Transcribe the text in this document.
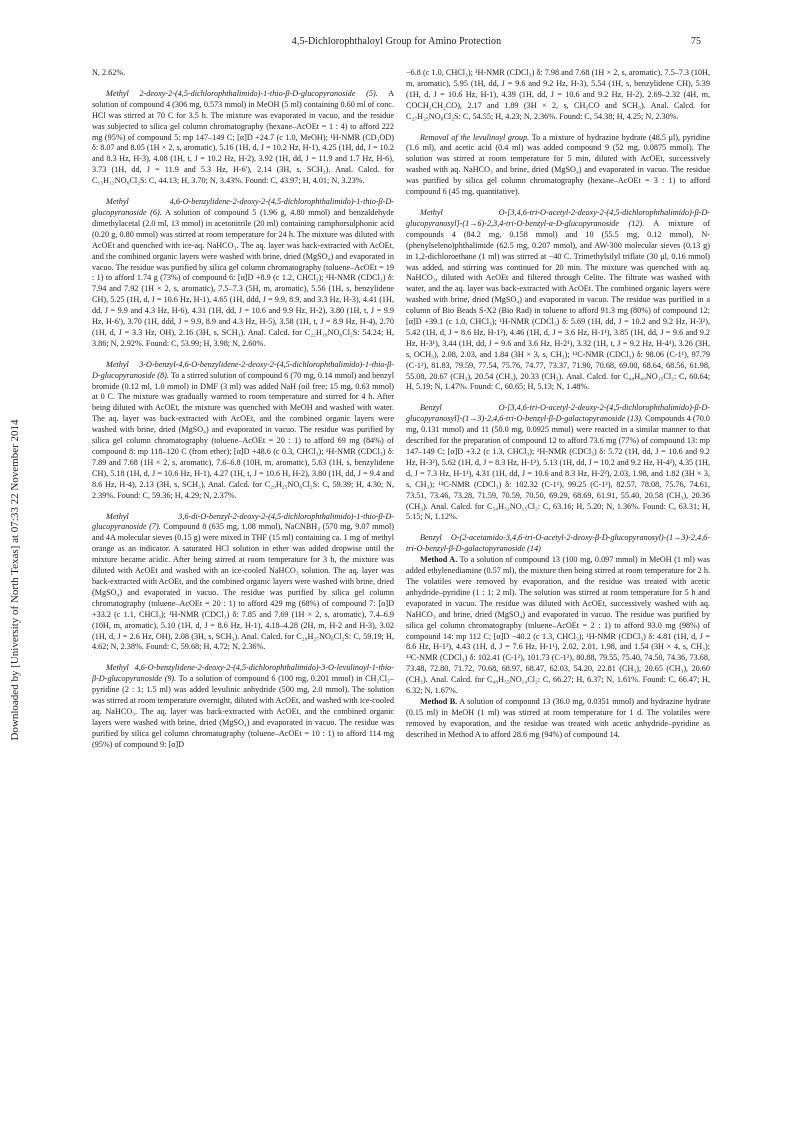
4,5-Dichlorophthaloyl Group for Amino Protection	75
Downloaded by [University of North Texas] at 07:33 22 November 2014

N, 2.62%.

Methyl 2-deoxy-2-(4,5-dichlorophthalimido)-1-thio-β-D-glucopyranoside (5). A solution of compound 4 (306 mg, 0.573 mmol) in MeOH (5 ml) containing 0.60 ml of conc. HCl was stirred at 70 C for 3.5 h. The mixture was evaporated in vacuo, and the residue was subjected to silica gel column chromatography (hexane–AcOEt = 1 : 4) to afford 222 mg (95%) of compound 5: mp 147–149 C; [α]D +24.7 (c 1.0, MeOH); ¹H-NMR (CD₃OD) δ: 8.07 and 8.05 (1H × 2, s, aromatic), 5.16 (1H, d, J = 10.2 Hz, H-1), 4.25 (1H, dd, J = 10.2 and 8.3 Hz, H-3), 4.08 (1H, t, J = 10.2 Hz, H-2), 3.92 (1H, dd, J = 11.9 and 1.7 Hz, H-6), 3.73 (1H, dd, J = 11.9 and 5.3 Hz, H-6'), 2.14 (3H, s, SCH₃). Anal. Calcd. for C₁₅H₁₅NO₆Cl₂S: C, 44.13; H, 3.70; N, 3.43%. Found: C, 43.97; H, 4.01; N, 3.23%.

Methyl 4,6-O-benzylidene-2-deoxy-2-(4,5-dichlorophthalimido)-1-thio-β-D-glucopyranoside (6). A solution of compound 5 (1.96 g, 4.80 mmol) and benzaldehyde dimethylacetal (2.0 ml, 13 mmol) in acetonitrile (20 ml) containing camphorsulphonic acid (0.20 g, 0.80 mmol) was stirred at room temperature for 24 h. The mixture was diluted with AcOEt and quenched with ice-aq. NaHCO₃. The aq. layer was back-extracted with AcOEt, and the combined organic layers were washed with brine, dried (MgSO₄) and evaporated in vacuo. The residue was purified by silica gel column chromatography (toluene–AcOEt = 19 : 1) to afford 1.74 g (73%) of compound 6: [α]D +8.9 (c 1.2, CHCl₃); ¹H-NMR (CDCl₃) δ: 7.94 and 7.92 (1H × 2, s, aromatic), 7.5–7.3 (5H, m, aromatic), 5.56 (1H, s, benzylidene CH), 5.25 (1H, d, J = 10.6 Hz, H-1), 4.65 (1H, ddd, J = 9.9, 8.9, and 3.3 Hz, H-3), 4.41 (1H, dd, J = 9.9 and 4.3 Hz, H-6), 4.31 (1H, dd, J = 10.6 and 9.9 Hz, H-2), 3.80 (1H, t, J = 9.9 Hz, H-6'), 3.70 (1H, ddd, J = 9.9, 8.9 and 4.3 Hz, H-5), 3.58 (1H, t, J = 8.9 Hz, H-4), 2.70 (1H, d, J = 3.3 Hz, OH), 2.16 (3H, s, SCH₃). Anal. Calcd. for C₂₂H₁₉NO₆Cl₂S: 54.24; H, 3.86; N, 2.92%. Found: C, 53.99; H, 3.98; N, 2.60%.

Methyl 3-O-benzyl-4,6-O-benzylidene-2-deoxy-2-(4,5-dichlorophthalimido)-1-thio-β-D-glucopyranoside (8). To a stirred solution of compound 6 (70 mg, 0.14 mmol) and benzyl bromide (0.12 ml, 1.0 mmol) in DMF (3 ml) was added NaH (oil free; 15 mg, 0.63 mmol) at 0 C. The mixture was gradually warmed to room temperature and stirred for 4 h. After being diluted with AcOEt, the mixture was quenched with MeOH and washed with water. The aq. layer was back-extracted with AcOEt, and the combined organic layers were washed with brine, dried (MgSO₄) and evaporated in vacuo. The residue was purified by silica gel column chromatography (toluene–AcOEt = 20 : 1) to afford 69 mg (84%) of compound 8: mp 118–120 C (from ether); [α]D +48.6 (c 0.3, CHCl₃); ¹H-NMR (CDCl₃) δ: 7.89 and 7.68 (1H × 2, s, aromatic), 7.6–6.8 (10H, m, aromatic), 5.63 (1H, s, benzylidene CH), 5.18 (1H, d, J = 10.6 Hz, H-1), 4.27 (1H, t, J = 10.6 H, H-2), 3.80 (1H, dd, J = 9.4 and 8.6 Hz, H-4), 2.13 (3H, s, SCH₃). Anal. Calcd. for C₂₉H₂₅NO₆Cl₂S: C, 59.39; H, 4.30; N, 2.39%. Found: C, 59.36; H, 4.29; N, 2.37%.

Methyl 3,6-di-O-benzyl-2-deoxy-2-(4,5-dichlorophthalimido)-1-thio-β-D-glucopyranoside (7). Compound 8 (635 mg, 1.08 mmol), NaCNBH₃ (570 mg, 9.07 mmol) and 4A molecular sieves (0.15 g) were mixed in THF (15 ml) containing ca. 1 mg of methyl orange as an indicator. A saturated HCl solution in ether was added dropwise until the mixture became acidic. After being stirred at room temperature for 3 h, the mixture was diluted with AcOEt and washed with an ice-cooled NaHCO₃ solution. The aq. layer was back-extracted with AcOEt, and the combined organic layers were washed with brine, dried (MgSO₄) and evaporated in vacuo. The residue was purified by silica gel column chromatography (toluene–AcOEt = 20 : 1) to afford 429 mg (68%) of compound 7: [α]D +33.2 (c 1.1, CHCl₃); ¹H-NMR (CDCl₃) δ: 7.85 and 7.69 (1H × 2, s, aromatic), 7.4–6.9 (10H, m, aromatic), 5.10 (1H, d, J = 8.6 Hz, H-1), 4.18–4.28 (2H, m, H-2 and H-3), 3.02 (1H, d, J = 2.6 Hz, OH), 2.08 (3H, s, SCH₃). Anal. Calcd. for C₂₉H₂₇NO₆Cl₂S: C, 59.19; H, 4.62; N, 2.38%. Found: C, 59.68; H, 4.72; N, 2.36%.

Methyl 4,6-O-benzylidene-2-deoxy-2-(4,5-dichlorophthalimido)-3-O-levulinoyl-1-thio-β-D-glucopyranoside (9). To a solution of compound 6 (100 mg, 0.201 mmol) in CH₂Cl₂–pyridine (2 : 1; 1.5 ml) was added levulinic anhydride (500 mg, 2.0 mmol). The solution was stirred at room temperature overnight, diluted with AcOEt, and washed with ice-cooled aq. NaHCO₃. The aq. layer was back-extracted with AcOEt, and the combined organic layers were washed with brine, dried (MgSO₄) and evaporated in vacuo. The residue was purified by silica gel column chromatography (toluene–AcOEt = 10 : 1) to afford 114 mg (95%) of compound 9: [α]D

−6.8 (c 1.0, CHCl₃); ¹H-NMR (CDCl₃) δ: 7.98 and 7.68 (1H × 2, s, aromatic), 7.5–7.3 (10H, m, aromatic), 5.95 (1H, dd, J = 9.6 and 9.2 Hz, H-3), 5.54 (1H, s, benzylidene CH), 5.39 (1H, d, J = 10.6 Hz, H-1), 4.39 (1H, dd, J = 10.6 and 9.2 Hz, H-2), 2.69–2.32 (4H, m, COCH₂CH₂CO), 2.17 and 1.89 (3H × 2, s, CH₃CO and SCH₃). Anal. Calcd. for C₂₇H₂₅NO₈Cl₂S: C, 54.55; H, 4.23; N, 2.36%. Found: C, 54.38; H, 4.25; N, 2.30%.

Removal of the levulinoyl group. To a mixture of hydrazine hydrate (48.5 μl), pyridine (1.6 ml), and acetic acid (0.4 ml) was added compound 9 (52 mg, 0.0875 mmol). The solution was stirred at room temperature for 5 min, diluted with AcOEt, successively washed with aq. NaHCO₃ and brine, dried (MgSO₄) and evaporated in vacuo. The residue was purified by silica gel column chromatography (hexane–AcOEt = 3 : 1) to afford compound 6 (45 mg, quantitative).

Methyl O-[3,4,6-tri-O-acetyl-2-deoxy-2-(4,5-dichlorophthalimido)-β-D-glucopyranosyl]-(1→6)-2,3,4-tri-O-benzyl-α-D-glucopyranoside (12). A mixture of compounds 4 (84.2 mg, 0.158 mmol) and 10 (55.5 mg, 0.12 mmol), N-(phenylseleno)phthalimide (62.5 mg, 0.207 mmol), and AW-300 molecular sieves (0.13 g) in 1,2-dichloroethane (1 ml) was stirred at −40 C. Trimethylsilyl triflate (30 μl, 0.16 mmol) was added, and stirring was continued for 20 min. The mixture was quenched with aq. NaHCO₃, diluted with AcOEt and filtered through Celite. The filtrate was washed with water, and the aq. layer was back-extracted with AcOEt. The combined organic layers were washed with brine, dried (MgSO₄) and evaporated in vacuo. The residue was purified in a column of Bio Beads S-X2 (Bio Rad) in toluene to afford 91.3 mg (80%) of compound 12; [α]D +39.1 (c 1.0, CHCl₃); ¹H-NMR (CDCl₃) δ: 5.69 (1H, dd, J = 10.2 and 9.2 Hz, H-3²), 5.42 (1H, d, J = 8.6 Hz, H-1²), 4.46 (1H, d, J = 3.6 Hz, H-1¹), 3.85 (1H, dd, J = 9.6 and 9.2 Hz, H-3¹), 3.44 (1H, dd, J = 9.6 and 3.6 Hz, H-2¹), 3.32 (1H, t, J = 9.2 Hz, H-4¹), 3.26 (3H, s, OCH₃), 2.08, 2.03, and 1.84 (3H × 3, s, CH₃); ¹³C-NMR (CDCl₃) δ: 98.06 (C-1¹), 97.79 (C-1²), 81.83, 79.59, 77.54, 75.76, 74.77, 73.37, 71.90, 70.68, 69.00, 68.64, 68.56, 61.98, 55.08, 20.67 (CH₃), 20.54 (CH₃), 20.33 (CH₃). Anal. Calcd. for C₄₈H₄₉NO₁₅Cl₂: C, 60.64; H, 5.19; N, 1.47%. Found: C, 60.65; H, 5.13; N, 1.48%.

Benzyl O-[3,4,6-tri-O-acetyl-2-deoxy-2-(4,5-dichlorophthalimido)-β-D-glucopyranosyl]-(1→3)-2,4,6-tri-O-benzyl-β-D-galactopyranoside (13). Compounds 4 (70.0 mg, 0.131 mmol) and 11 (50.0 mg, 0.0925 mmol) were reacted in a similar manner to that described for the preparation of compound 12 to afford 73.6 mg (77%) of compound 13: mp 147–149 C; [α]D +3.2 (c 1.3, CHCl₃); ¹H-NMR (CDCl₃) δ: 5.72 (1H, dd, J = 10.6 and 9.2 Hz, H-3²), 5.62 (1H, d, J = 8.3 Hz, H-1²), 5.13 (1H, dd, J = 10.2 and 9.2 Hz, H-4²), 4.35 (1H, d, J = 7.3 Hz, H-1¹), 4.31 (1H, dd, J = 10.6 and 8.3 Hz, H-2²), 2.03, 1.98, and 1.82 (3H × 3, s, CH₃); ¹³C-NMR (CDCl₃) δ: 102.32 (C-1¹), 99.25 (C-1²), 82.57, 78.08, 75.76, 74.61, 73.51, 73.46, 73.28, 71.59, 70.59, 70.50, 69.29, 68.69, 61.91, 55.40, 20.58 (CH₃), 20.36 (CH₃). Anal. Calcd. for C₅₄H₅₃NO₁₅Cl₂: C, 63.16; H, 5.20; N, 1.36%. Found: C, 63.31; H, 5.15; N, 1.12%.

Benzyl O-(2-acetamido-3,4,6-tri-O-acetyl-2-deoxy-β-D-glucopyranosyl)-(1→3)-2,4,6-tri-O-benzyl-β-D-galactopyranoside (14)

Method A. To a solution of compound 13 (100 mg, 0.097 mmol) in MeOH (1 ml) was added ethylenediamine (0.57 ml), the mixture then being stirred at room temperature for 2 h. The volatiles were removed by evaporation, and the residue was treated with acetic anhydride–pyridine (1 : 1; 2 ml). The solution was stirred at room temperature for 5 h and evaporated in vacuo. The residue was diluted with AcOEt, successively washed with aq. NaHCO₃ and brine, dried (MgSO₄) and evaporated in vacuo. The residue was purified by silica gel column chromatography (toluene–AcOEt = 2 : 1) to afford 93.0 mg (98%) of compound 14: mp 112 C; [α]D −40.2 (c 1.3, CHCl₃); ¹H-NMR (CDCl₃) δ: 4.81 (1H, d, J = 8.6 Hz, H-1²), 4.43 (1H, d, J = 7.6 Hz, H-1¹), 2.02, 2.01, 1.98, and 1.54 (3H × 4, s, CH₃); ¹³C-NMR (CDCl₃) δ: 102.41 (C-1²), 101.73 (C-1²), 80.88, 79.55, 75.40, 74.50, 74.36, 73.68, 73.48, 72.80, 71.72, 70.68, 68.97, 68.47, 62.03, 54.20, 22.81 (CH₃), 20.65 (CH₃), 20.60 (CH₃). Anal. Calcd. for C₄₈H₅₅NO₁₄Cl₂: C, 66.27; H, 6.37; N, 1.61%. Found: C, 66.47; H, 6.32; N, 1.67%.

Method B. A solution of compound 13 (36.0 mg, 0.0351 mmol) and hydrazine hydrate (0.15 ml) in MeOH (1 ml) was stirred at room temperature for 1 d. The volatiles were removed by evaporation, and the residue was treated with acetic anhydride–pyridine as described in Method A to afford 28.6 mg (94%) of compound 14.
